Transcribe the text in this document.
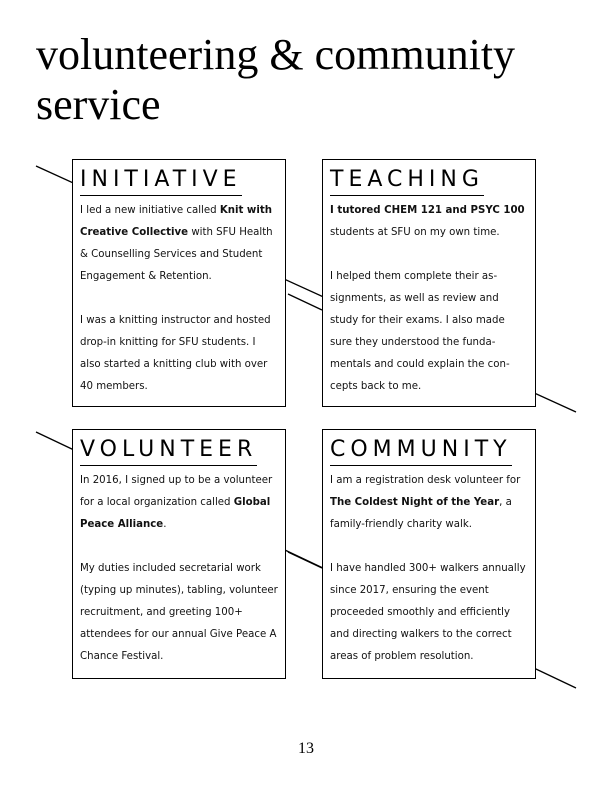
volunteering & community
service
INITIATIVE

I led a new initiative called Knit with Creative Collective with SFU Health & Counselling Services and Student Engagement & Retention.

I was a knitting instructor and hosted drop-in knitting for SFU students. I also started a knitting club with over 40 members.

TEACHING

I tutored CHEM 121 and PSYC 100 students at SFU on my own time.

I helped them complete their assignments, as well as review and study for their exams. I also made sure they understood the fundamentals and could explain the concepts back to me.

VOLUNTEER

In 2016, I signed up to be a volunteer for a local organization called Global Peace Alliance.

My duties included secretarial work (typing up minutes), tabling, volunteer recruitment, and greeting 100+ attendees for our annual Give Peace A Chance Festival.

COMMUNITY

I am a registration desk volunteer for The Coldest Night of the Year, a family-friendly charity walk.

I have handled 300+ walkers annually since 2017, ensuring the event proceeded smoothly and efficiently and directing walkers to the correct areas of problem resolution.

13
